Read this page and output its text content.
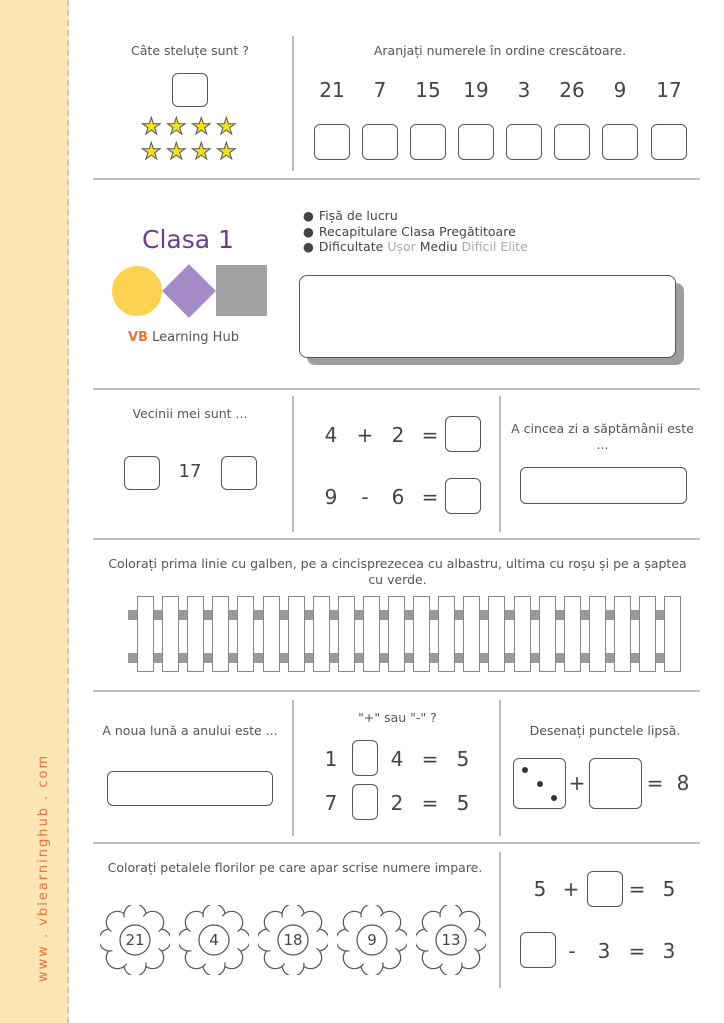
www . vblearninghub . com
Câte steluțe sunt ?
★ ★ ★ ★
★ ★ ★ ★
Aranjați numerele în ordine crescătoare.
21	7	15 19	3	26	9	17
Clasa 1
VB Learning Hub
● Fișă de lucru
● Recapitulare Clasa Pregătitoare
● Dificultate Ușor Mediu Dificil Elite
Vecinii mei sunt ...
17
4 + 2 =
9	-	6 =
A cincea zi a săptămânii este ...
Colorați prima linie cu galben, pe a cincisprezecea cu albastru, ultima cu roșu și pe a șaptea cu verde.
A noua lună a anului este ...
"+" sau "-" ?
1	4 = 5
7	2 = 5
Desenați punctele lipsă.
+	= 8
Colorați petalele florilor pe care apar scrise numere impare.
21	4	18	9	13
5 + = 5
-	3 = 3
